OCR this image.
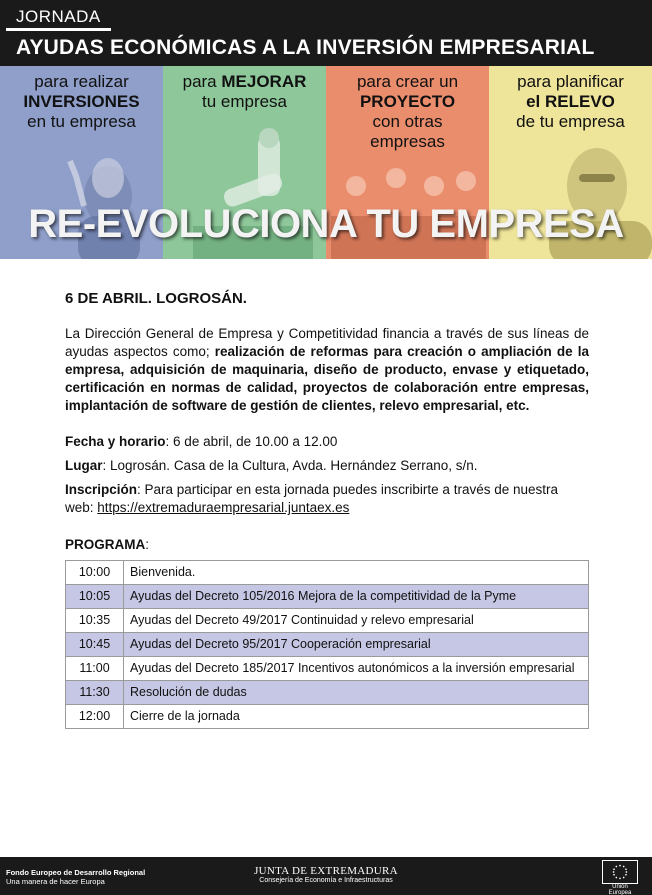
JORNADA
AYUDAS ECONÓMICAS A LA INVERSIÓN EMPRESARIAL
para realizar
INVERSIONES
en tu empresa
para MEJORAR
tu empresa
para crear un
PROYECTO
con otras
empresas
para planificar
el RELEVO
de tu empresa
RE-EVOLUCIONA TU EMPRESA
6 DE ABRIL. LOGROSÁN.

La Dirección General de Empresa y Competitividad financia a través de sus líneas de ayudas aspectos como; realización de reformas para creación o ampliación de la empresa, adquisición de maquinaria, diseño de producto, envase y etiquetado, certificación en normas de calidad, proyectos de colaboración entre empresas, implantación de software de gestión de clientes, relevo empresarial, etc.

Fecha y horario: 6 de abril, de 10.00 a 12.00

Lugar: Logrosán. Casa de la Cultura, Avda. Hernández Serrano, s/n.

Inscripción: Para participar en esta jornada puedes inscribirte a través de nuestra web: https://extremaduraempresarial.juntaex.es

PROGRAMA:
10:00	Bienvenida.
10:05	Ayudas del Decreto 105/2016 Mejora de la competitividad de la Pyme
10:35	Ayudas del Decreto 49/2017 Continuidad y relevo empresarial
10:45	Ayudas del Decreto 95/2017 Cooperación empresarial
11:00	Ayudas del Decreto 185/2017 Incentivos autonómicos a la inversión empresarial
11:30	Resolución de dudas
12:00	Cierre de la jornada
Fondo Europeo de Desarrollo Regional
Una manera de hacer Europa
JUNTA DE EXTREMADURA
Consejería de Economía e Infraestructuras
Unión Europea
